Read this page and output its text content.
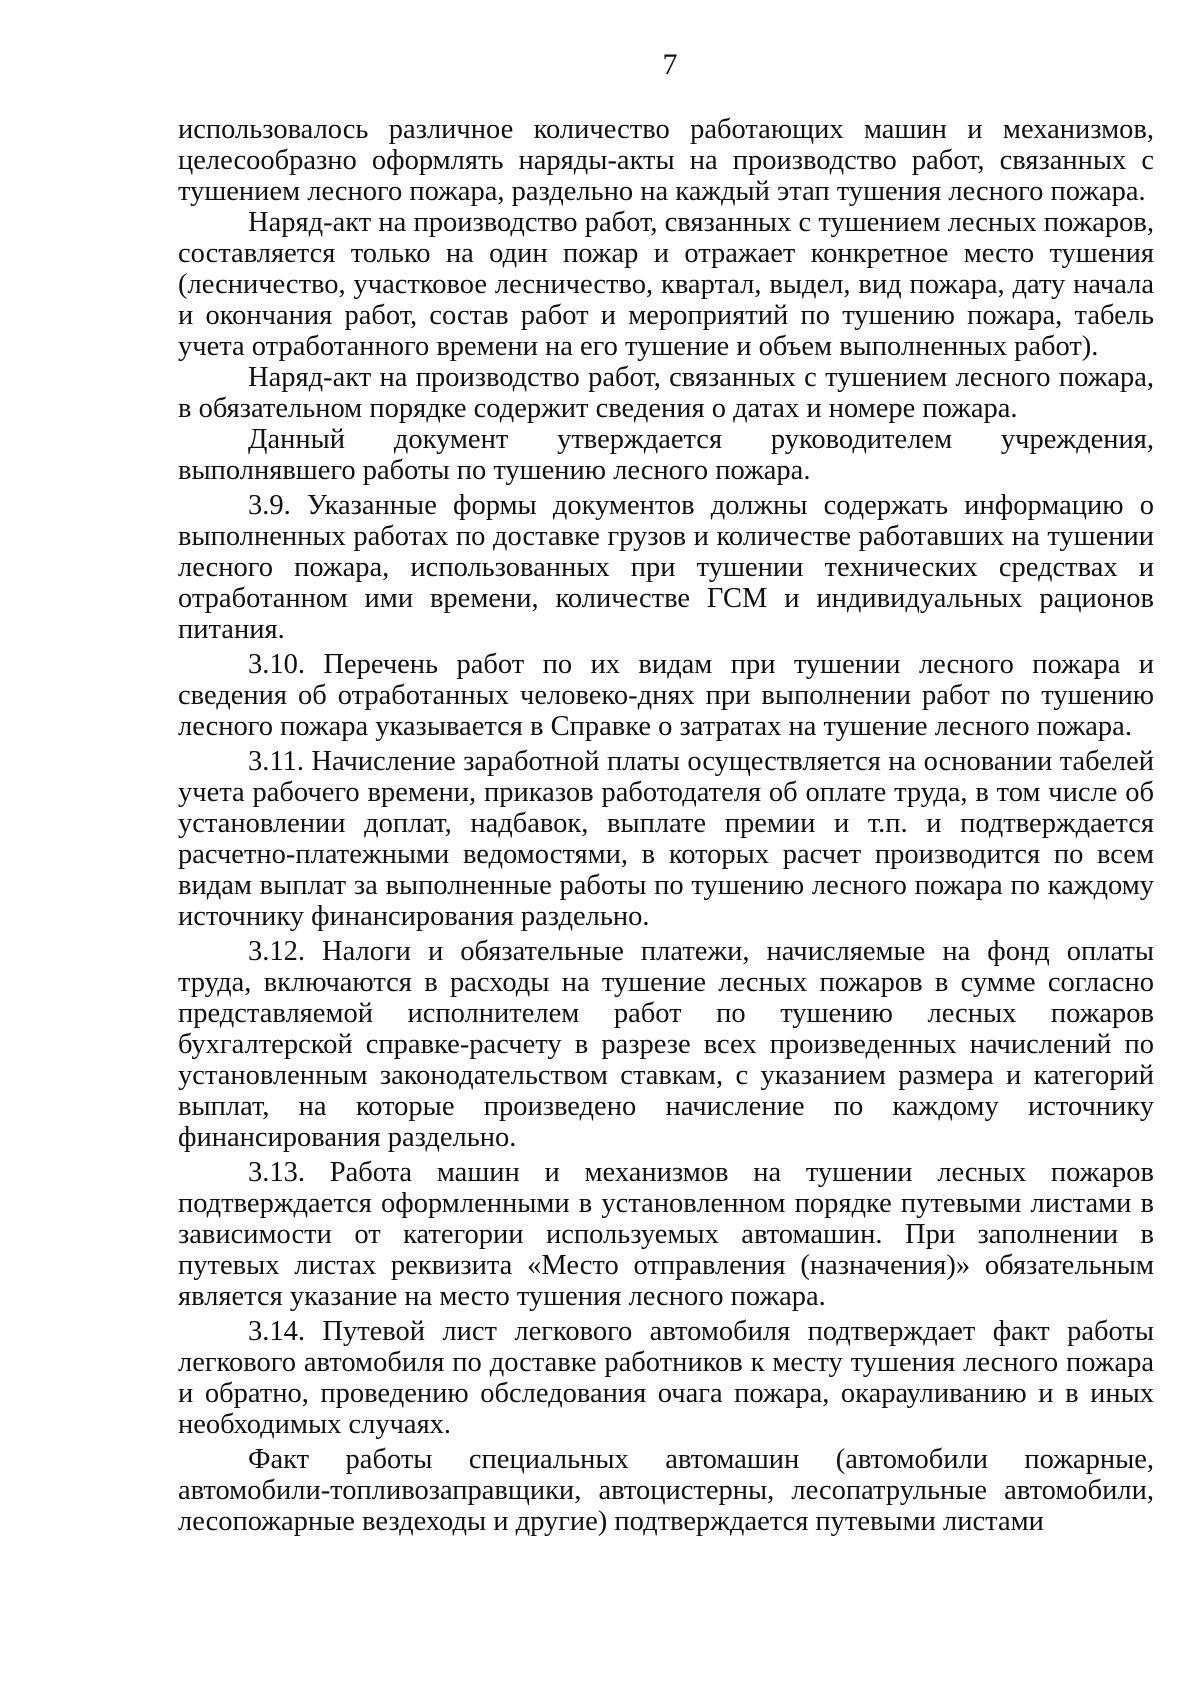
7

использовалось различное количество работающих машин и механизмов, целесообразно оформлять наряды-акты на производство работ, связанных с тушением лесного пожара, раздельно на каждый этап тушения лесного пожара.

Наряд-акт на производство работ, связанных с тушением лесных пожаров, составляется только на один пожар и отражает конкретное место тушения (лесничество, участковое лесничество, квартал, выдел, вид пожара, дату начала и окончания работ, состав работ и мероприятий по тушению пожара, табель учета отработанного времени на его тушение и объем выполненных работ).

Наряд-акт на производство работ, связанных с тушением лесного пожара, в обязательном порядке содержит сведения о датах и номере пожара.

Данный документ утверждается руководителем учреждения, выполнявшего работы по тушению лесного пожара.

3.9. Указанные формы документов должны содержать информацию о выполненных работах по доставке грузов и количестве работавших на тушении лесного пожара, использованных при тушении технических средствах и отработанном ими времени, количестве ГСМ и индивидуальных рационов питания.

3.10. Перечень работ по их видам при тушении лесного пожара и сведения об отработанных человеко-днях при выполнении работ по тушению лесного пожара указывается в Справке о затратах на тушение лесного пожара.

3.11. Начисление заработной платы осуществляется на основании табелей учета рабочего времени, приказов работодателя об оплате труда, в том числе об установлении доплат, надбавок, выплате премии и т.п. и подтверждается расчетно-платежными ведомостями, в которых расчет производится по всем видам выплат за выполненные работы по тушению лесного пожара по каждому источнику финансирования раздельно.

3.12. Налоги и обязательные платежи, начисляемые на фонд оплаты труда, включаются в расходы на тушение лесных пожаров в сумме согласно представляемой исполнителем работ по тушению лесных пожаров бухгалтерской справке-расчету в разрезе всех произведенных начислений по установленным законодательством ставкам, с указанием размера и категорий выплат, на которые произведено начисление по каждому источнику финансирования раздельно.

3.13. Работа машин и механизмов на тушении лесных пожаров подтверждается оформленными в установленном порядке путевыми листами в зависимости от категории используемых автомашин. При заполнении в путевых листах реквизита «Место отправления (назначения)» обязательным является указание на место тушения лесного пожара.

3.14. Путевой лист легкового автомобиля подтверждает факт работы легкового автомобиля по доставке работников к месту тушения лесного пожара и обратно, проведению обследования очага пожара, окарауливанию и в иных необходимых случаях.

Факт работы специальных автомашин (автомобили пожарные, автомобили-топливозаправщики, автоцистерны, лесопатрульные автомобили, лесопожарные вездеходы и другие) подтверждается путевыми листами
